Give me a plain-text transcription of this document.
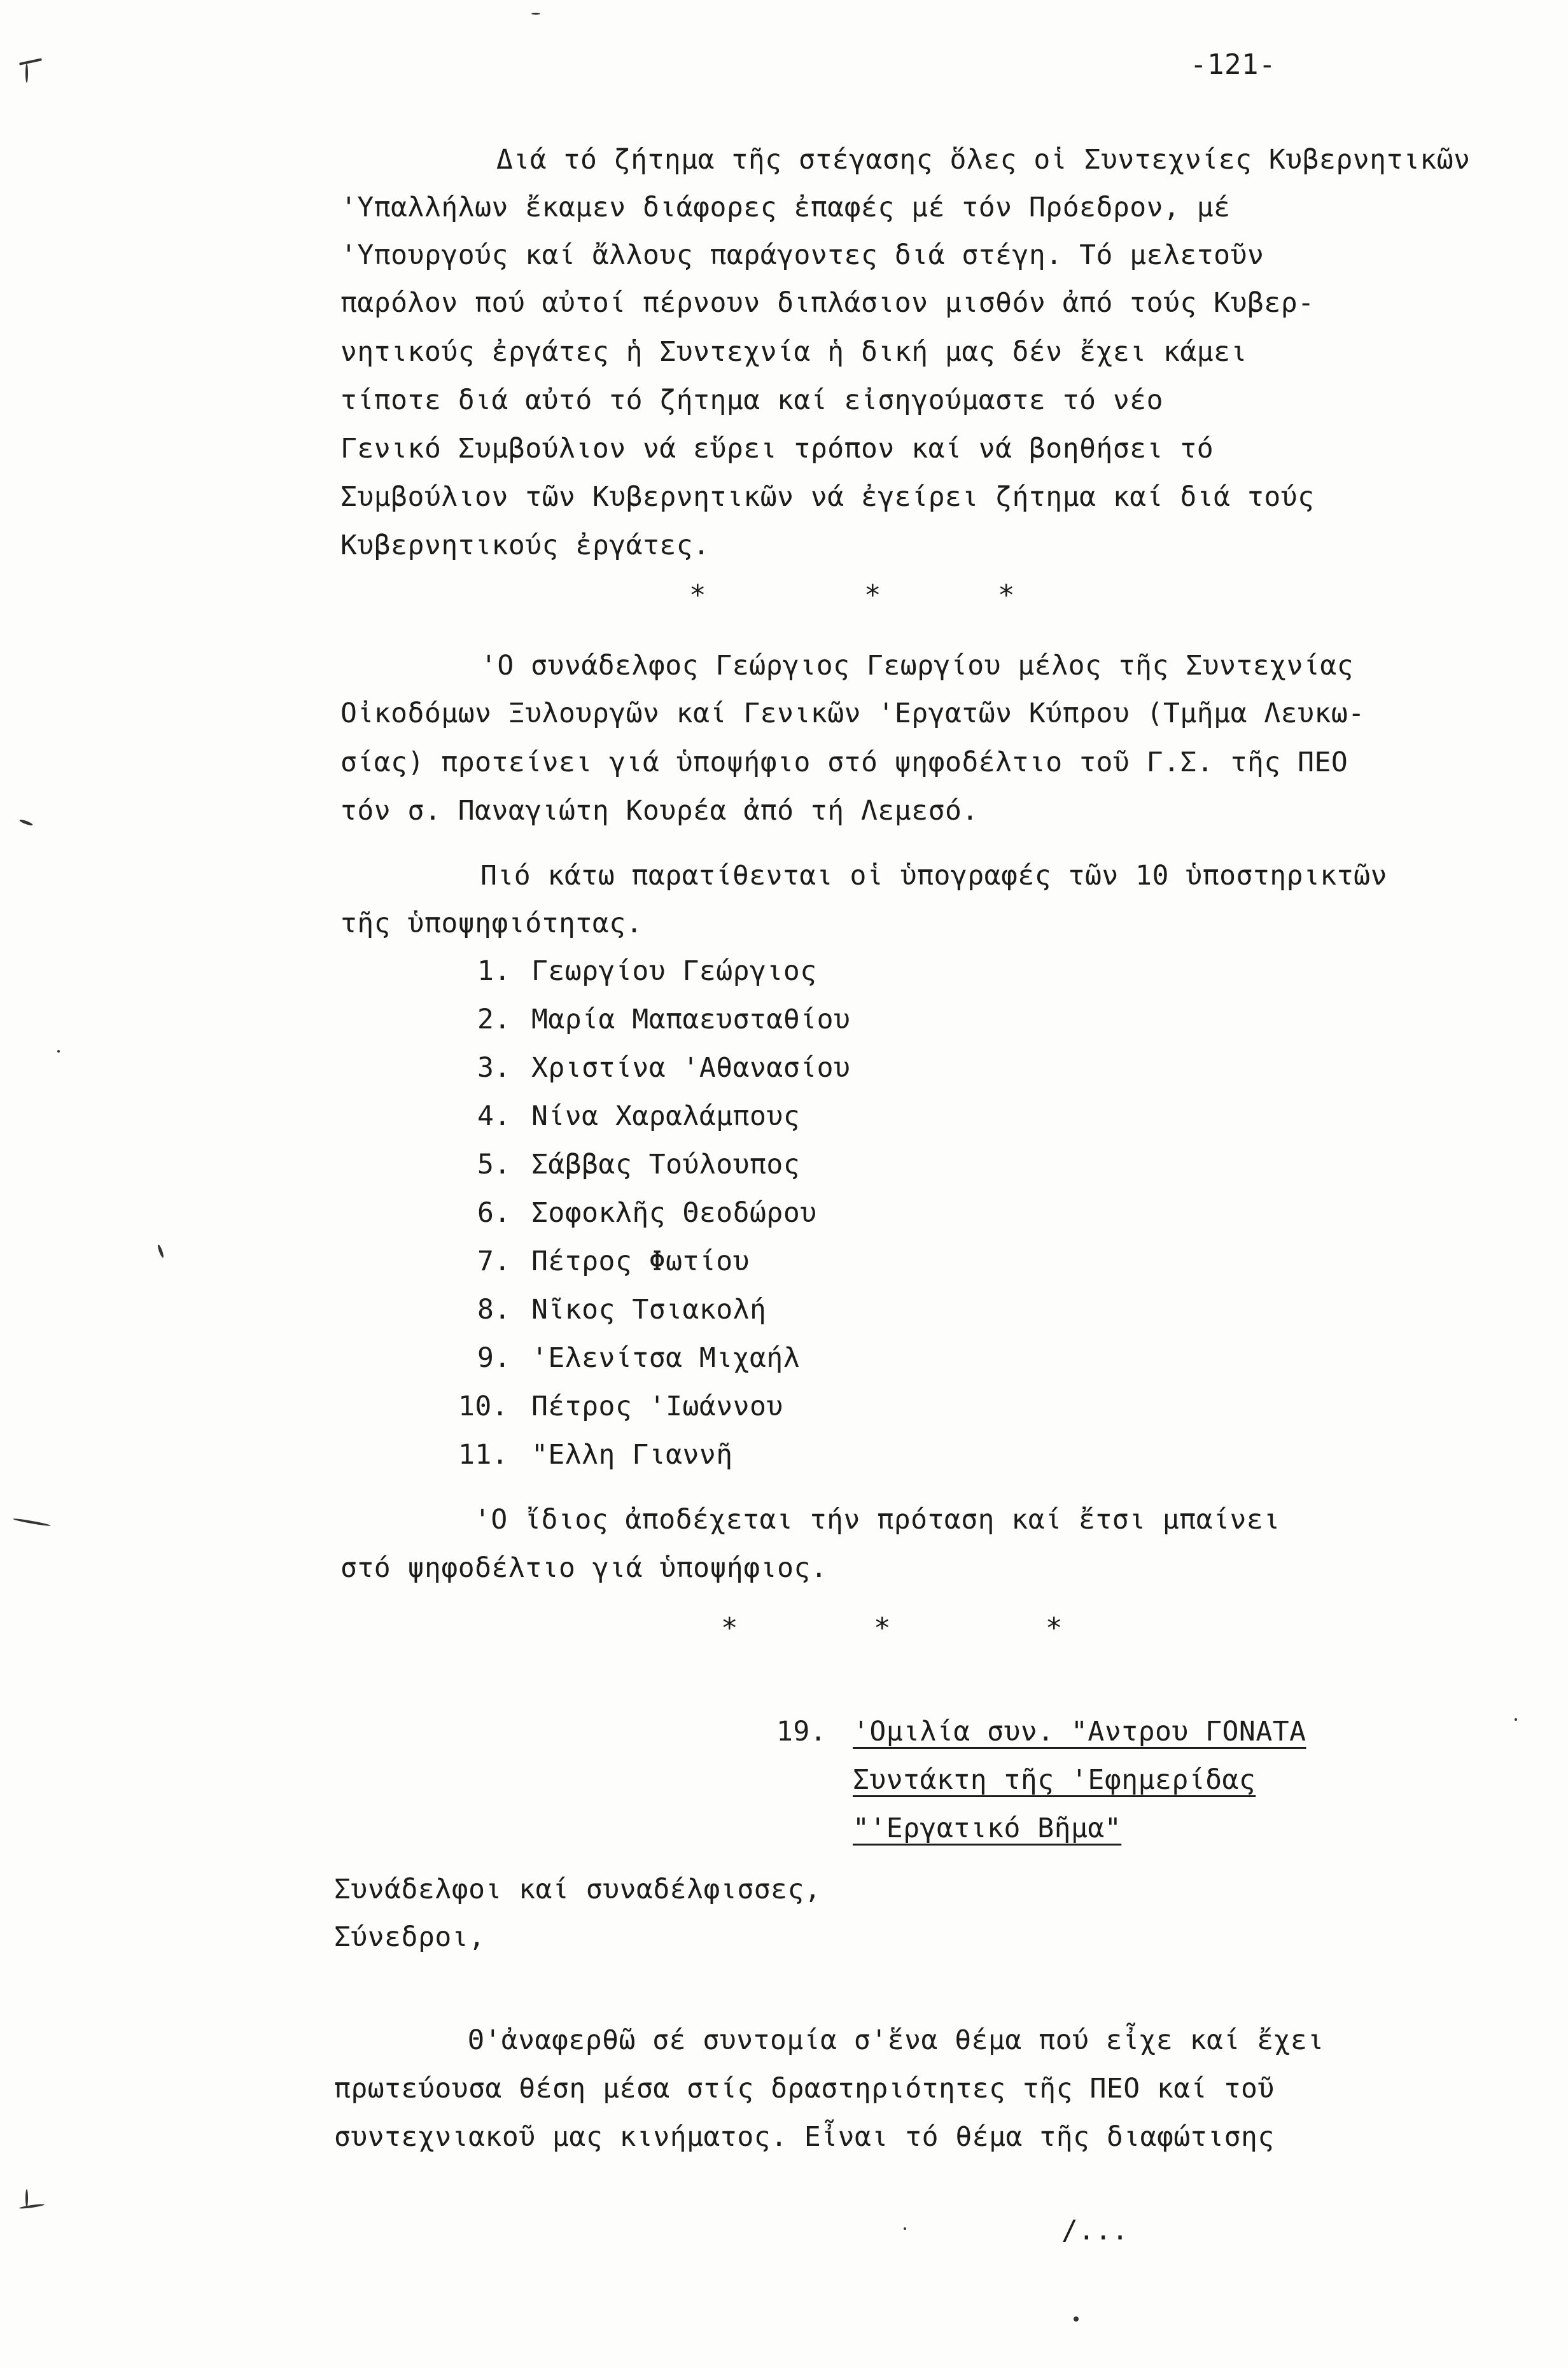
-121-
Διά τό ζήτημα τῆς στέγασης ὅλες οἱ Συντεχνίες Κυβερνητικῶν
'Υπαλλήλων ἔκαμεν διάφορες ἐπαφές μέ τόν Πρόεδρον, μέ
'Υπουργούς καί ἄλλους παράγοντες διά στέγη. Τό μελετοῦν
παρόλον πού αὐτοί πέρνουν διπλάσιον μισθόν ἀπό τούς Κυβερ-
νητικούς ἐργάτες ἡ Συντεχνία ἡ δική μας δέν ἔχει κάμει
τίποτε διά αὐτό τό ζήτημα καί εἰσηγούμαστε τό νέο
Γενικό Συμβούλιον νά εὕρει τρόπον καί νά βοηθήσει τό
Συμβούλιον τῶν Κυβερνητικῶν νά ἐγείρει ζήτημα καί διά τούς
Κυβερνητικούς ἐργάτες.
*	*	*
'Ο συνάδελφος Γεώργιος Γεωργίου μέλος τῆς Συντεχνίας
Οἰκοδόμων Ξυλουργῶν καί Γενικῶν 'Εργατῶν Κύπρου (Τμῆμα Λευκω-
σίας) προτείνει γιά ὑποψήφιο στό ψηφοδέλτιο τοῦ Γ.Σ. τῆς ΠΕΟ
τόν σ. Παναγιώτη Κουρέα ἀπό τή Λεμεσό.
Πιό κάτω παρατίθενται οἱ ὑπογραφές τῶν 10 ὑποστηρικτῶν
τῆς ὑποψηφιότητας.
1. Γεωργίου Γεώργιος
2. Μαρία Μαπαευσταθίου
3. Χριστίνα 'Αθανασίου
4. Νίνα Χαραλάμπους
5. Σάββας Τούλουπος
6. Σοφοκλῆς Θεοδώρου
7. Πέτρος Φωτίου
8. Νῖκος Τσιακολή
9. 'Ελενίτσα Μιχαήλ
10. Πέτρος 'Ιωάννου
11. "Ελλη Γιαννῆ
'Ο ἴδιος ἀποδέχεται τήν πρόταση καί ἔτσι μπαίνει
στό ψηφοδέλτιο γιά ὑποψήφιος.
*	*	*
19. 'Ομιλία συν. "Αντρου ΓΟΝΑΤΑ
Συντάκτη τῆς 'Εφημερίδας
"'Εργατικό Βῆμα"
Συνάδελφοι καί συναδέλφισσες,
Σύνεδροι,
Θ'ἀναφερθῶ σέ συντομία σ'ἕνα θέμα πού εἶχε καί ἔχει
πρωτεύουσα θέση μέσα στίς δραστηριότητες τῆς ΠΕΟ καί τοῦ
συντεχνιακοῦ μας κινήματος. Εἶναι τό θέμα τῆς διαφώτισης
/...
